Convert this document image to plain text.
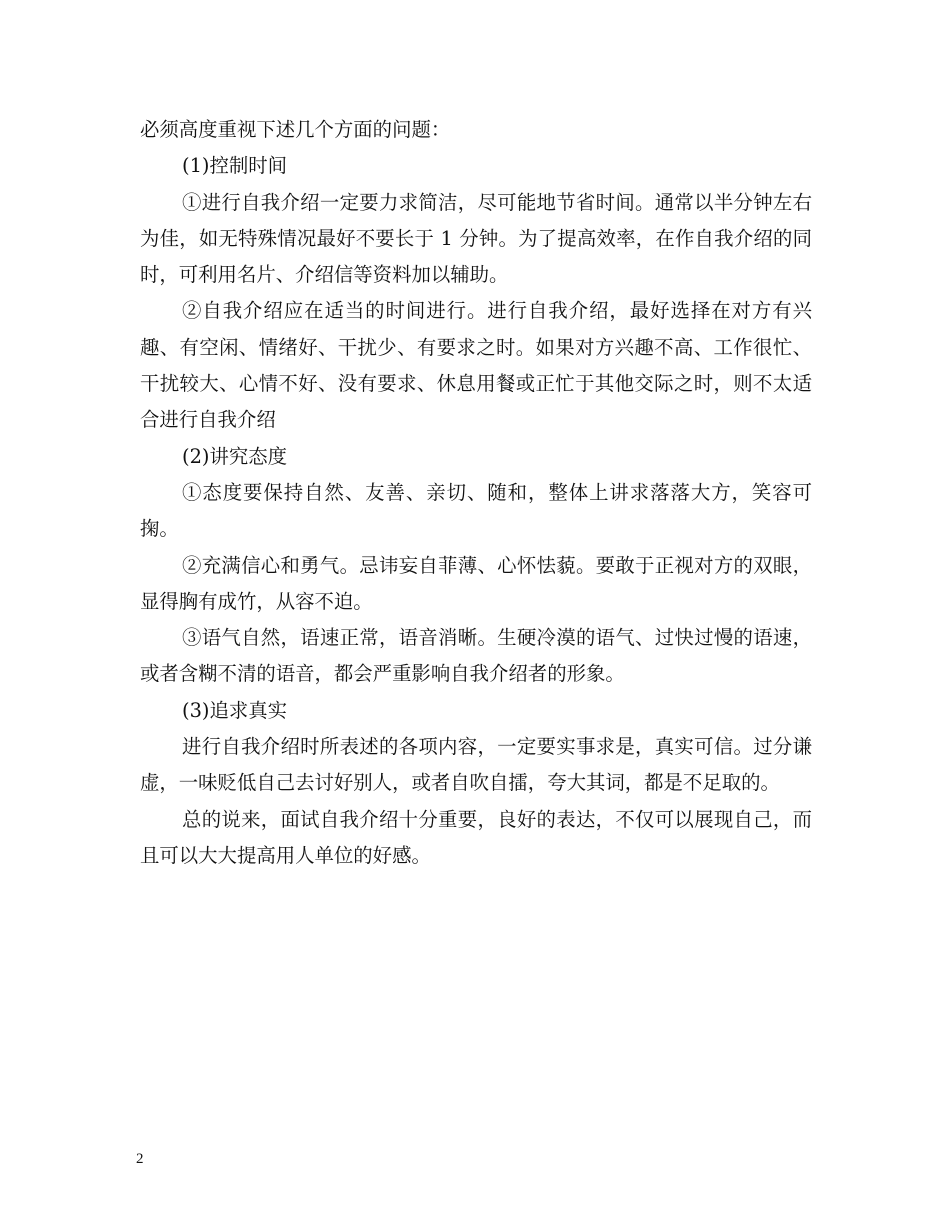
必须高度重视下述几个方面的问题：

(1)控制时间

①进行自我介绍一定要力求简洁，尽可能地节省时间。通常以半分钟左右为佳，如无特殊情况最好不要长于 1 分钟。为了提高效率，在作自我介绍的同时，可利用名片、介绍信等资料加以辅助。

②自我介绍应在适当的时间进行。进行自我介绍，最好选择在对方有兴趣、有空闲、情绪好、干扰少、有要求之时。如果对方兴趣不高、工作很忙、干扰较大、心情不好、没有要求、休息用餐或正忙于其他交际之时，则不太适合进行自我介绍

(2)讲究态度

①态度要保持自然、友善、亲切、随和，整体上讲求落落大方，笑容可掬。

②充满信心和勇气。忌讳妄自菲薄、心怀怯藐。要敢于正视对方的双眼，显得胸有成竹，从容不迫。

③语气自然，语速正常，语音消晰。生硬冷漠的语气、过快过慢的语速，或者含糊不清的语音，都会严重影响自我介绍者的形象。

(3)追求真实

进行自我介绍时所表述的各项内容，一定要实事求是，真实可信。过分谦虚，一味贬低自己去讨好别人，或者自吹自擂，夸大其词，都是不足取的。

总的说来，面试自我介绍十分重要，良好的表达，不仅可以展现自己，而且可以大大提高用人单位的好感。

2
